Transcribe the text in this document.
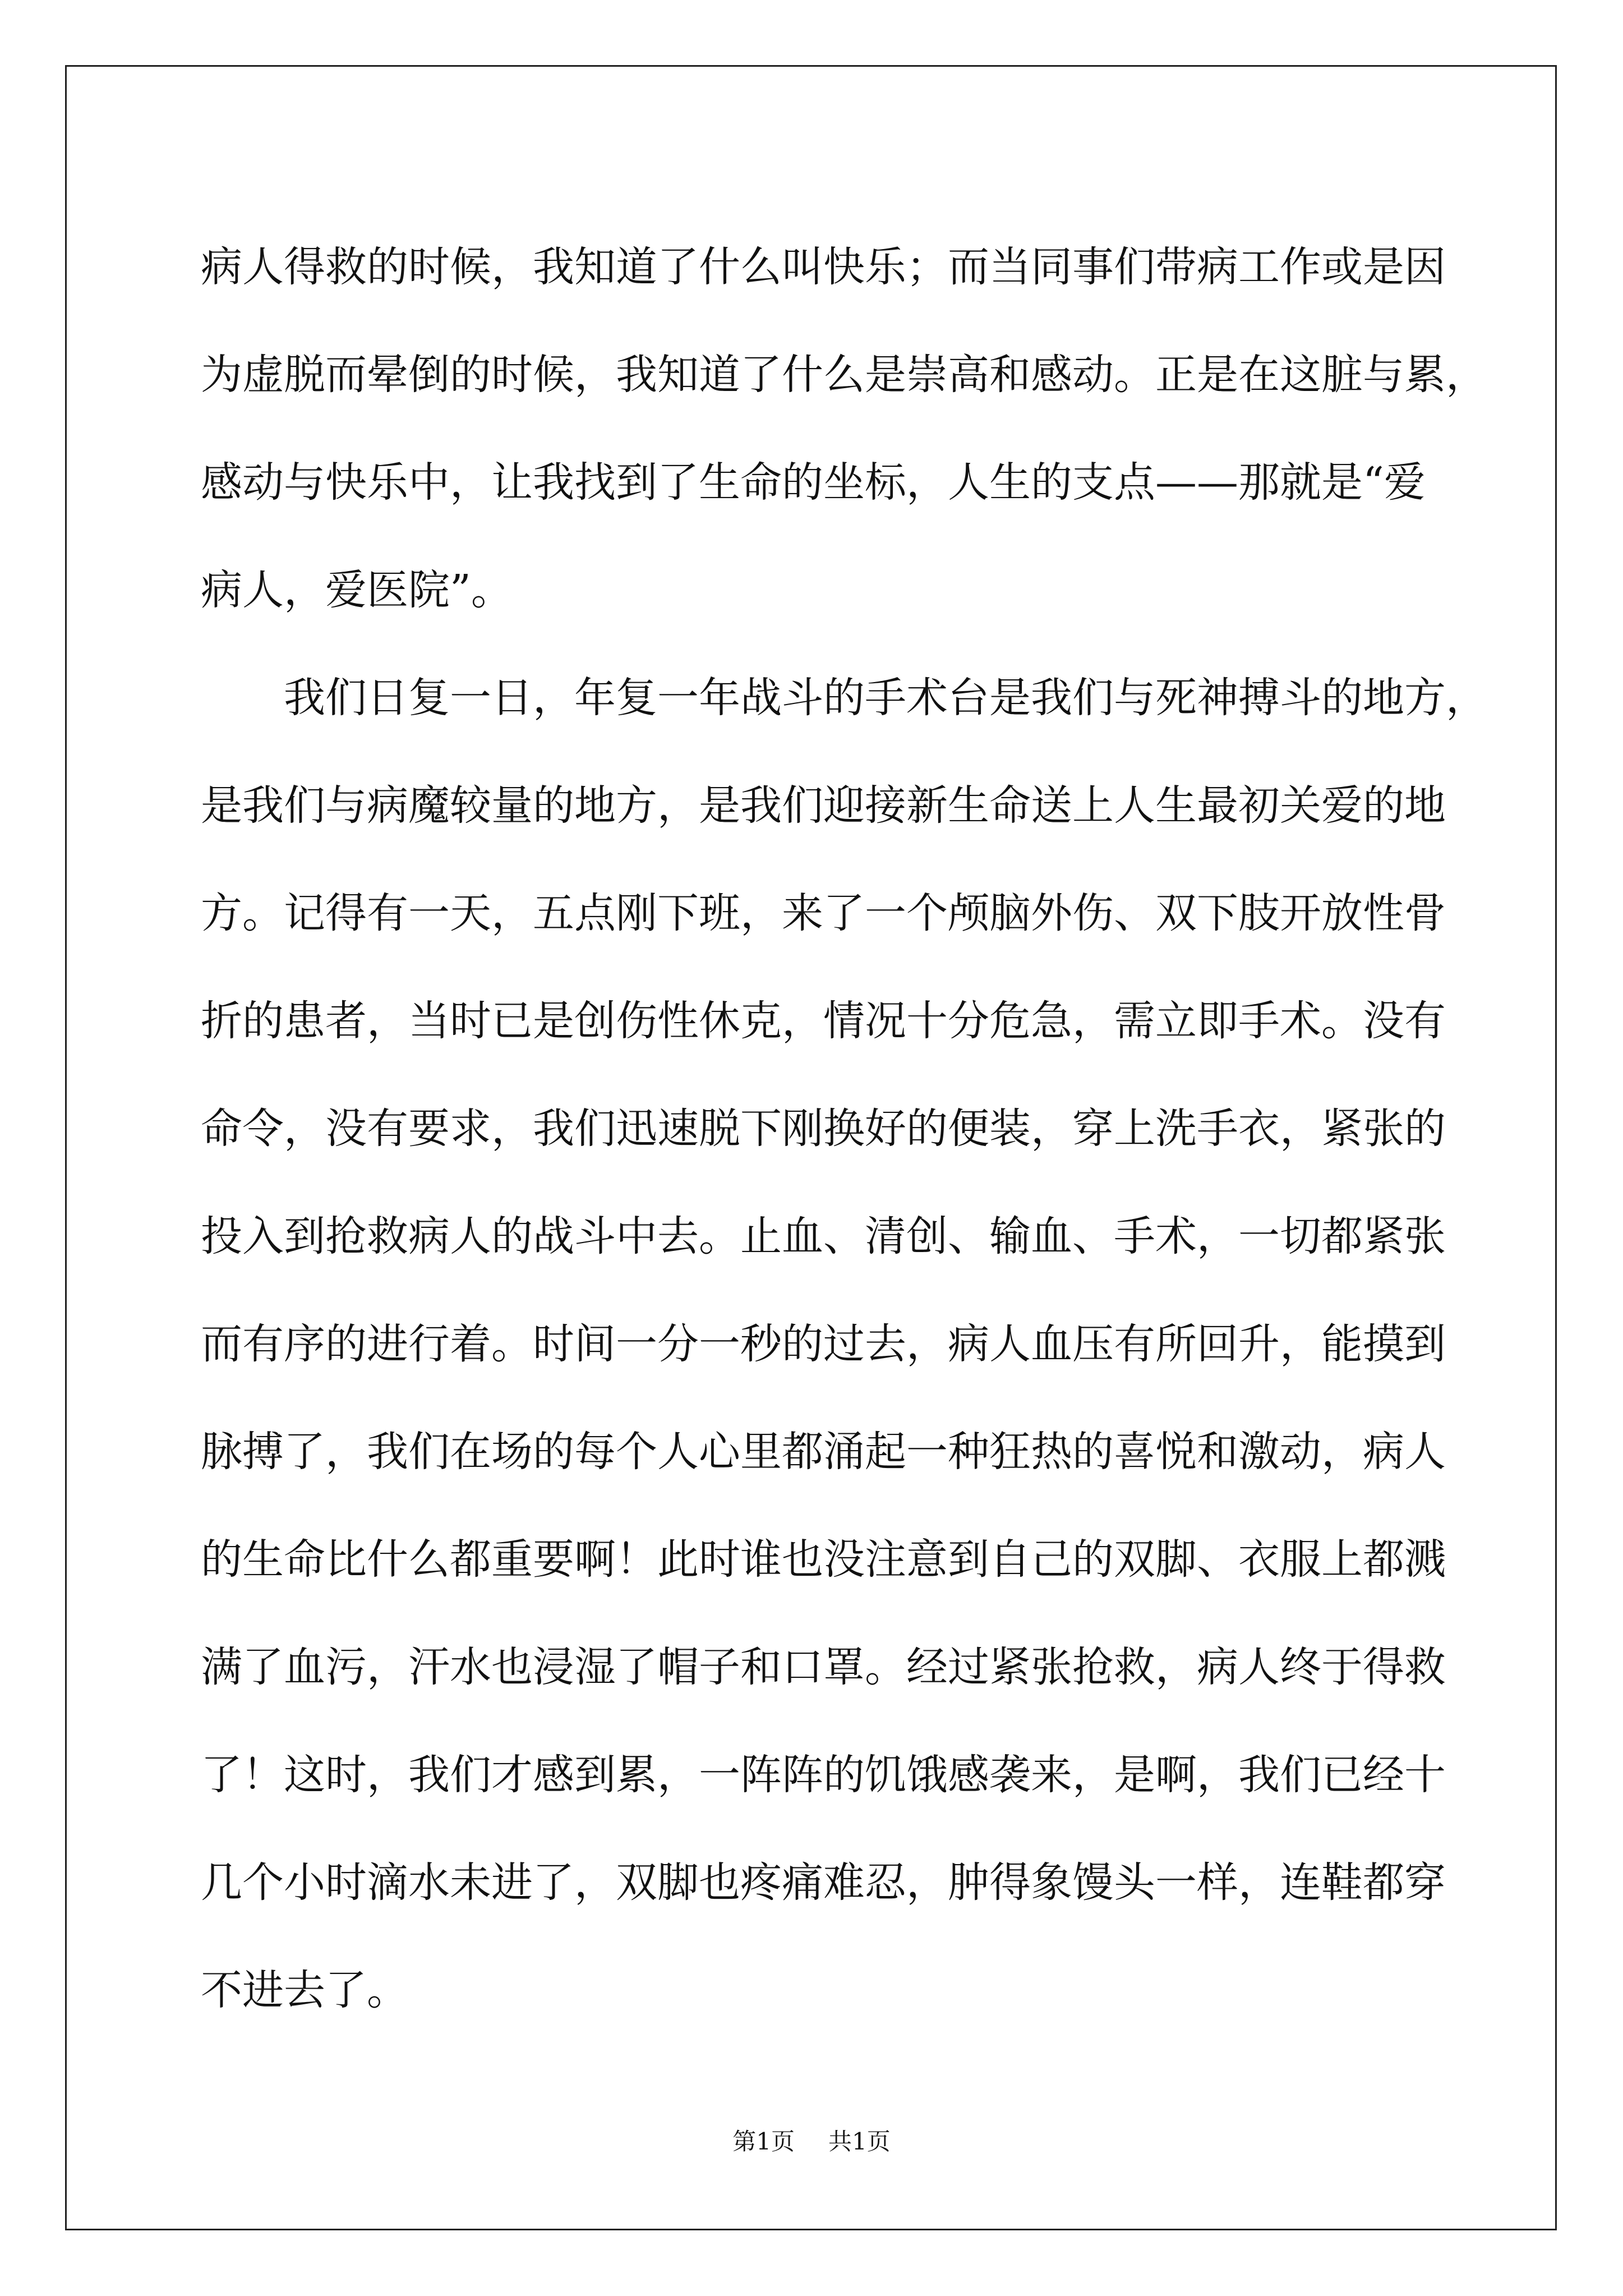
病人得救的时候，我知道了什么叫快乐；而当同事们带病工作或是因
为虚脱而晕倒的时候，我知道了什么是崇高和感动。正是在这脏与累，
感动与快乐中，让我找到了生命的坐标，人生的支点——那就是“爱
病人，爱医院”。
我们日复一日，年复一年战斗的手术台是我们与死神搏斗的地方，
是我们与病魔较量的地方，是我们迎接新生命送上人生最初关爱的地
方。记得有一天，五点刚下班，来了一个颅脑外伤、双下肢开放性骨
折的患者，当时已是创伤性休克，情况十分危急，需立即手术。没有
命令，没有要求，我们迅速脱下刚换好的便装，穿上洗手衣，紧张的
投入到抢救病人的战斗中去。止血、清创、输血、手术，一切都紧张
而有序的进行着。时间一分一秒的过去，病人血压有所回升，能摸到
脉搏了，我们在场的每个人心里都涌起一种狂热的喜悦和激动，病人
的生命比什么都重要啊！此时谁也没注意到自己的双脚、衣服上都溅
满了血污，汗水也浸湿了帽子和口罩。经过紧张抢救，病人终于得救
了！这时，我们才感到累，一阵阵的饥饿感袭来，是啊，我们已经十
几个小时滴水未进了，双脚也疼痛难忍，肿得象馒头一样，连鞋都穿
不进去了。
第1页 共1页
